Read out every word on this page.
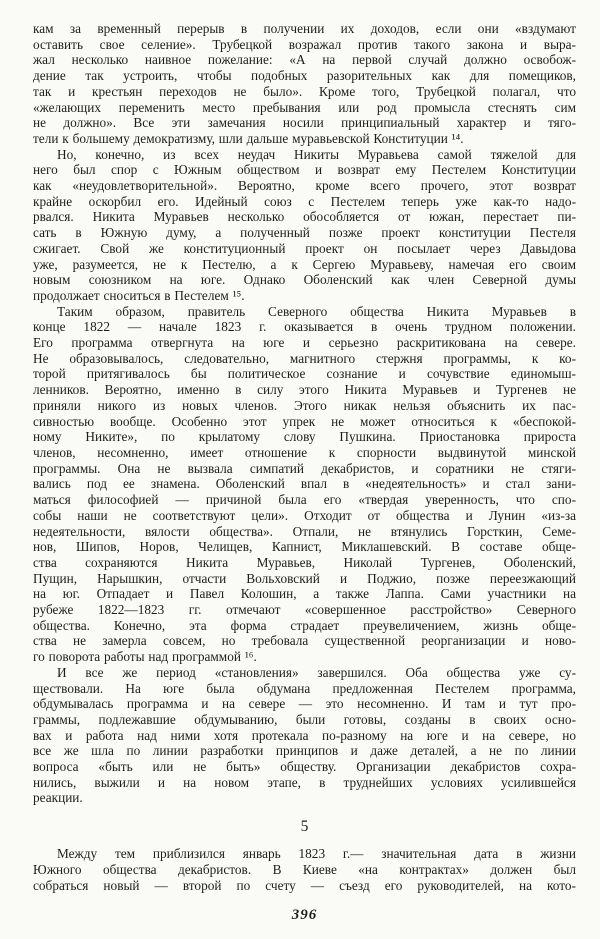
кам за временный перерыв в получении их доходов, если они «вздумают
оставить свое селение». Трубецкой возражал против такого закона и выра-
жал несколько наивное пожелание: «А на первой случай должно освобож-
дение так устроить, чтобы подобных разорительных как для помещиков,
так и крестьян переходов не было». Кроме того, Трубецкой полагал, что
«желающих переменить место пребывания или род промысла стеснять сим
не должно». Все эти замечания носили принципиальный характер и тяго-
тели к большему демократизму, шли дальше муравьевской Конституции ¹⁴.
Но, конечно, из всех неудач Никиты Муравьева самой тяжелой для
него был спор с Южным обществом и возврат ему Пестелем Конституции
как «неудовлетворительной». Вероятно, кроме всего прочего, этот возврат
крайне оскорбил его. Идейный союз с Пестелем теперь уже как-то надо-
рвался. Никита Муравьев несколько обособляется от южан, перестает пи-
сать в Южную думу, а полученный позже проект конституции Пестеля
сжигает. Свой же конституционный проект он посылает через Давыдова
уже, разумеется, не к Пестелю, а к Сергею Муравьеву, намечая его своим
новым союзником на юге. Однако Оболенский как член Северной думы
продолжает сноситься в Пестелем ¹⁵.
Таким образом, правитель Северного общества Никита Муравьев в
конце 1822 — начале 1823 г. оказывается в очень трудном положении.
Его программа отвергнута на юге и серьезно раскритикована на севере.
Не образовывалось, следовательно, магнитного стержня программы, к ко-
торой притягивалось бы политическое сознание и сочувствие единомыш-
ленников. Вероятно, именно в силу этого Никита Муравьев и Тургенев не
приняли никого из новых членов. Этого никак нельзя объяснить их пас-
сивностью вообще. Особенно этот упрек не может относиться к «беспокой-
ному Никите», по крылатому слову Пушкина. Приостановка прироста
членов, несомненно, имеет отношение к спорности выдвинутой минской
программы. Она не вызвала симпатий декабристов, и соратники не стяги-
вались под ее знамена. Оболенский впал в «недеятельность» и стал зани-
маться философией — причиной была его «твердая уверенность, что спо-
собы наши не соответствуют цели». Отходит от общества и Лунин «из-за
недеятельности, вялости общества». Отпали, не втянулись Горсткин, Семе-
нов, Шипов, Норов, Челищев, Капнист, Миклашевский. В составе обще-
ства сохраняются Никита Муравьев, Николай Тургенев, Оболенский,
Пущин, Нарышкин, отчасти Вольховский и Поджио, позже переезжающий
на юг. Отпадает и Павел Колошин, а также Лаппа. Сами участники на
рубеже 1822—1823 гг. отмечают «совершенное расстройство» Северного
общества. Конечно, эта форма страдает преувеличением, жизнь обще-
ства не замерла совсем, но требовала существенной реорганизации и ново-
го поворота работы над программой ¹⁶.
И все же период «становления» завершился. Оба общества уже су-
ществовали. На юге была обдумана предложенная Пестелем программа,
обдумывалась программа и на севере — это несомненно. И там и тут про-
граммы, подлежавшие обдумыванию, были готовы, созданы в своих осно-
вах и работа над ними хотя протекала по-разному на юге и на севере, но
все же шла по линии разработки принципов и даже деталей, а не по линии
вопроса «быть или не быть» обществу. Организации декабристов сохра-
нились, выжили и на новом этапе, в труднейших условиях усилившейся
реакции.
5
Между тем приблизился январь 1823 г.— значительная дата в жизни
Южного общества декабристов. В Киеве «на контрактах» должен был
собраться новый — второй по счету — съезд его руководителей, на кото-
396
